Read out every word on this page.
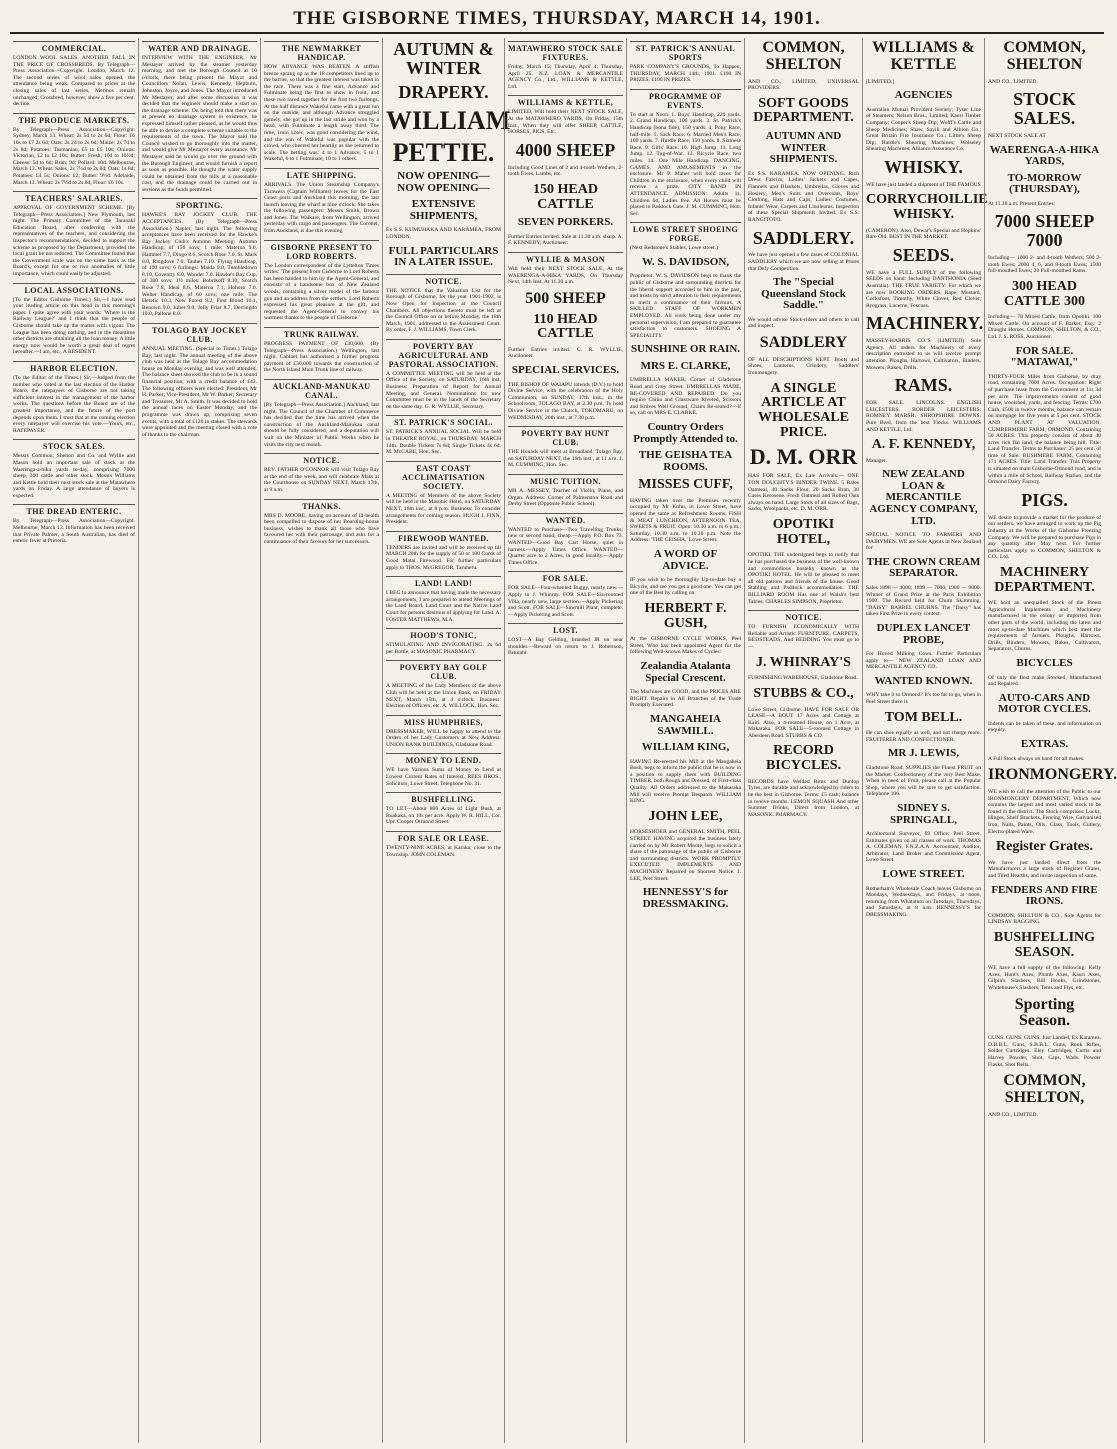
THE GISBORNE TIMES, THURSDAY, MARCH 14, 1901.
COMMERCIAL.

LONDON WOOL SALES. ANOTHER FALL IN THE PRICE OF CROSSBREDS. By Telegraph—Press Association—Copyright. London, March 12. The second series of wool sales opened, the attendance being weak. Compared to prices at the closing sales of last series, Merinos remain unchanged; Crossbred, however, show a five per cent. decline.

THE PRODUCE MARKETS.

By Telegraph—Press Association—Copyright. Sydney, March 13. Wheat: 2s 5d to 2s 6d; Flour: £6 10s to £7 2s 6d; Oats: 2s 2d to 2s 6d; Maize: 2s 7d to 2s 8d; Potatoes: Tasmanian, £5 to £5 10s; Onions: Victorian, £2 to £2 10s; Butter: Fresh, 10d to 10½d; Cheese: 5d to 6d; Bran: 9d; Pollard: 10d. Melbourne, March 13. Wheat: Sales, 2s 7½d to 2s 8d; Oats: 1s 8d; Potatoes: £4 5s; Onions: £2; Butter: 9½d. Adelaide, March 13. Wheat: 2s 7½d to 2s 8d; Flour: £6 10s.

TEACHERS' SALARIES.

APPROVAL OF GOVERNMENT SCHEME. [By Telegraph—Press Association.] New Plymouth, last night. The Primary Committee of the Taranaki Education Board, after conferring with the representatives of the teachers, and considering the Inspector's recommendations, decided to support the scheme as proposed by the Department, provided the local grant be not reduced. The Committee found that the Government scale was on the same basis as the Board's, except for one or two anomalies of little importance, which could easily be adjusted.

LOCAL ASSOCIATIONS.

[To the Editor Gisborne Times.] Sir,—I have read your leading article on this head in this morning's paper. I quite agree with your words: 'Where is the Railway League?' and I think that the people of Gisborne should take up the matter with vigour. The League has been doing nothing, and in the meantime other districts are obtaining all the loan money. A little energy now would be worth a great deal of regret hereafter.—I am, etc., A RESIDENT.

HARBOR ELECTION.

(To the Editor of the Times.) Sir,—Judged from the number who voted at the last election of the Harbor Board, the ratepayers of Gisborne are not taking sufficient interest in the management of the harbor works. The questions before the Board are of the greatest importance, and the future of the port depends upon them. I trust that at the coming election every ratepayer will exercise his vote.—Yours, etc., RATEPAYER.

STOCK SALES.

Messrs Common, Shelton and Co. and Wyllie and Mason hold an important sale of stock at the Waerenga-a-hika yards to-day, comprising 7000 sheep, 300 cattle and other stock. Messrs Williams and Kettle hold their next stock sale at the Matawhero yards on Friday. A large attendance of buyers is expected.

THE DREAD ENTERIC.

By Telegraph—Press Association—Copyright. Melbourne, March 13. Information has been received that Private Palmer, a South Australian, has died of enteric fever at Pretoria.

WATER AND DRAINAGE.

INTERVIEW WITH THE ENGINEER. Mr Mestayer arrived by the steamer yesterday morning, and met the Borough Council at 10 o'clock, there being present the Mayor and Councillors Nolan, Lewis, Kennedy, Hepburn, Johnston, Joyce, and Jones. The Mayor introduced Mr Mestayer, and after some discussion it was decided that the engineer should make a start on the drainage scheme. On being told that there was at present no drainage system in existence, he expressed himself rather pleased, as he would thus be able to devise a complete scheme suitable to the requirements of the town. The Mayor said the Council wished to go thoroughly into the matter, and would give Mr Mestayer every assistance. Mr Mestayer said he would go over the ground with the Borough Engineer, and would furnish a report as soon as possible. He thought the water supply could be obtained from the hills at a reasonable cost, and the drainage could be carried out in sections as the funds permitted.

SPORTING.

HAWKE'S BAY JOCKEY CLUB. THE ACCEPTANCES. (By Telegraph—Press Association.) Napier, last night. The following acceptances have been received for the Hawke's Bay Jockey Club's Autumn Meeting: Autumn Handicap, of 150 sovs; 1 mile: Materoa 9.0, Hammer 7.7, Dingo 8.6, Scotch Rose 7.0, St. Mark 8.0, Ringdove 7.0, Tauhei 7.10. Flying Handicap, of 100 sovs; 6 furlongs: Maida 9.0, Tumbledown 8.10, Coventry 8.0, Wonder 7.0. Hawke's Bay Cup, of 300 sovs; 1½ miles: Bobrikoff 8.10, Scotch Rose 7.8, Ideal 8.6, Materoa 7.1, Hohoro 7.0. Welter Handicap, of 60 sovs; one mile: The Heretic 10.3, New Forest 9.2, First Blood 10.1, Renown 9.0, Juliet 9.0, Jolly Friar 8.7, Derringdo 10.0, Pallone 8.0.

TOLAGO BAY JOCKEY CLUB.

ANNUAL MEETING. (Special to Times.) Tolago Bay, last night. The annual meeting of the above club was held at the Tolago Bay accommodation house on Monday evening, and was well attended. The balance sheet showed the club to be in a sound financial position, with a credit balance of £43. The following officers were elected: President, Mr H. Parker; Vice-President, Mr W. Barker; Secretary and Treasurer, Mr A. Smith. It was decided to hold the annual races on Easter Monday, and the programme was drawn up, comprising seven events, with a total of £120 in stakes. The stewards were appointed and the meeting closed with a vote of thanks to the chairman.

THE NEWMARKET HANDICAP.

HOW ADVANCE WAS BEATEN. A stiffish breeze sprang up as the 18 competitors lined up to the barrier, so that the greatest interest was taken in the race. There was a fine start, Advance and Fulminate being the first to show in front, and these two raced together for the first two furlongs. At the half distance Wakeful came with a great run on the outside, and although Advance struggled gamely, she got up in the last stride and won by a head, with Fulminate a length away third. The time, 1min 12sec, was good considering the wind, and the win of Wakeful was popular with the crowd, who cheered her heartily as she returned to scale. The betting was: 4 to 1 Advance, 5 to 1 Wakeful, 6 to 1 Fulminate, 10 to 1 others.

LATE SHIPPING.

ARRIVALS. The Union Steamship Company's Tarawera (Captain Williams) leaves for the East Coast ports and Auckland this morning, the last launch leaving the wharf at nine o'clock. She takes the following passengers: Messrs Smith, Brown and Jones. The Waikare, from Wellington, arrived yesterday with cargo and passengers. The Coronel, from Auckland, is due this evening.

GISBORNE PRESENT TO LORD ROBERTS.

The London correspondent of the Lyttelton Times writes: 'The present from Gisborne to Lord Roberts has been handed to him by the Agent-General, and consists of a handsome box of New Zealand woods, containing a silver model of the famous gun and an address from the settlers. Lord Roberts expressed his great pleasure at the gift, and requested the Agent-General to convey his warmest thanks to the people of Gisborne.'

TRUNK RAILWAY.

PROGRESS PAYMENT OF £30,000. (By Telegraph—Press Association.) Wellington, last night. Cabinet has authorised a further progress payment of £30,000 towards the construction of the North Island Main Trunk line of railway.

AUCKLAND-MANUKAU CANAL.

[By Telegraph—Press Association.] Auckland, last night. The Council of the Chamber of Commerce has decided that the time has arrived when the construction of the Auckland-Manukau canal should be fully considered, and a deputation will wait on the Minister of Public Works when he visits the city next month.

NOTICE.

REV. FATHER O'CONNOR will visit Tolago Bay at the end of the week, and will celebrate Mass at the Courthouse on SUNDAY NEXT, March 17th, at 9 a.m.

THANKS.

MRS D. MOORE, having on account of ill-health been compelled to dispose of her Boarding-house business, wishes to thank all those who have favoured her with their patronage, and asks for a continuance of their favours for her successors.

AUTUMN & WINTER
DRAPERY.
WILLIAM
PETTIE.
NOW OPENING— NOW OPENING—
EXTENSIVE SHIPMENTS,

Ex S.S. KUMUHAKA AND KARAMEA, FROM LONDON.

FULL PARTICULARS IN A LATER ISSUE.
NOTICE.

THE NOTICE that the Valuation List for the Borough of Gisborne, for the year 1901-1902, is Now Open for Inspection at the Council Chambers. All objections thereto must be left at the Council Office on or before Monday, the 18th March, 1901, addressed to the Assessment Court. By order, F. J. WILLIAMS, Town Clerk.

POVERTY BAY AGRICULTURAL AND PASTORAL ASSOCIATION.

A COMMITTEE MEETING will be held at the Office of the Society, on SATURDAY, 16th inst. Business: Preparation of Report for Annual Meeting, and General. Nominations for new Committee must be in the hands of the Secretary on the same day. G. R. WYLLIE, Secretary.

ST. PATRICK'S SOCIAL.

ST. PATRICK'S ANNUAL SOCIAL Will be held in THEATRE ROYAL, on THURSDAY, MARCH 14th. Double Tickets 7s 6d; Single Tickets 4s 6d. M. McCABE, Hon. Sec.

EAST COAST ACCLIMATISATION SOCIETY.

A MEETING of Members of the above Society will be held in the Masonic Hotel, on SATURDAY NEXT, 16th inst., at 8 p.m. Business: To consider arrangements for coming season. HUGH J. FINN, President.

FIREWOOD WANTED.

TENDERS are invited and will be received up till MARCH 20th for the supply of 50 or 100 Cords of Good Matai Firewood. For further particulars apply to THOS. McGREGOR, Taruheru.

LAND! LAND!

I BEG to announce that having made the necessary arrangements, I am prepared to attend Meetings of the Land Board, Land Court and the Native Land Court for persons desirous of applying for Land. A. FOSTER MATTHEWS, M.A.

HOOD'S TONIC,

STIMULATING AND INVIGORATING. 2s 6d per Bottle, at MASONIC PHARMACY.

POVERTY BAY GOLF CLUB.

A MEETING of the Lady Members of the above Club will be held at the Union Bank, on FRIDAY NEXT, March 15th, at 4 o'clock. Business: Election of Officers, etc. A. WILLOCK, Hon. Sec.

MISS HUMPHRIES,

DRESSMAKER, WILL be happy to attend to the Orders of her Lady Customers at New Address: UNION BANK BUILDINGS, Gladstone Road.

MONEY TO LEND.

WE have Various Sums of Money to Lend at Lowest Current Rates of Interest. REES BROS., Solicitors, Lowe Street. Telephone No. 31.

BUSHFELLING.

TO LET—About 800 Acres of Light Bush, at Ruakaka, on 10s per acre. Apply W. R. HILL, Cor. Upr. Cooper Ormond Street.

FOR SALE OR LEASE.

TWENTY-NINE ACRES, at Karaka; close to the Township. JOHN COLEMAN.

MATAWHERO STOCK SALE FIXTURES.

Friday, March 15; Thursday, April 4; Thursday, April 25. N.Z. LOAN & MERCANTILE AGENCY Co., Ltd., WILLIAMS & KETTLE, Ltd.

WILLIAMS & KETTLE,

LIMITED, Will hold their NEXT STOCK SALE, At the MATAWHERO YARDS, On Friday, 15th Inst., When they will offer SHEEP, CATTLE, HORSES, PIGS, Etc.

4000 SHEEP

Including Good Lines of 2 and 4-tooth Wethers, 2-tooth Ewes, Lambs, etc.

150 HEAD CATTLE
SEVEN PORKERS.

Further Entries invited. Sale at 11.30 a.m. sharp. A. F. KENNEDY, Auctioneer.

WYLLIE & MASON

Will hold their NEXT STOCK SALE, At the WAERENGA-A-HIKA YARDS, On Thursday Next, 14th Inst. At 11.30 a.m.

500 SHEEP
110 HEAD CATTLE

Further Entries invited. G. R. WYLLIE, Auctioneer.

SPECIAL SERVICES.

THE BISHOP OF WAIAPU intends (D.V.) to hold Divine Service, with the celebration of the Holy Communion, on SUNDAY, 17th inst., in the Schoolroom, TOLAGO BAY, at 2.30 p.m. To hold Divine Service in the Church, TOKOMARU, on WEDNESDAY, 20th inst., at 7.30 p.m.

POVERTY BAY HUNT CLUB.

THE Hounds will meet at Broadland, Tolago Bay, on SATURDAY NEXT, the 16th inst., at 11 a.m. J. M. CUMMING, Hon. Sec.

MUSIC TUITION.

MR A. MESSEY, Teacher of Violin, Piano, and Organ. Address: Corner of Palmerston Road and Derby Street (Opposite Public School).

WANTED.

WANTED to Purchase—Two Travelling Trunks; new or second hand; cheap.—Apply P.O. Box 73. WANTED—Good Bay Cart Horse, quiet in harness.—Apply Times Office. WANTED—Quarter acre to 2 Acres, in good locality.—Apply Times Office.

FOR SALE.

FOR SALE—Four-wheeled Buggy, nearly new.—Apply to J. Whinray. FOR SALE—Six-roomed Villa, nearly new, large section.—Apply Pickering and Scott. FOR SALE—Sawmill Plant, complete.—Apply Pickering and Scott.

LOST.

LOST—A Bay Gelding, branded JR on near shoulder.—Reward on return to J. Robertson, Patutahi.

ST. PATRICK'S ANNUAL SPORTS

PARK COMPANY'S GROUNDS, To Happen, THURSDAY, MARCH 14th, 1901. £100 IN PRIZES. £100 IN PRIZES.

PROGRAMME OF EVENTS.

To start at Noon. 1. Boys' Handicap, 220 yards. 2. Grand Handicap, 100 yards. 3. St. Patrick's Handicap (bona fide), 150 yards. 4. Pony Race, half-mile. 5. Sack Race. 6. Married Men's Race, 100 yards. 7. Hurdle Race, 150 yards. 8. Siamese Race. 9. Girls' Race. 10. High Jump. 11. Long Jump. 12. Tug-of-War. 13. Bicycle Race, two miles. 14. One Mile Handicap. DANCING, GAMES, AND AMUSEMENTS in the enclosure. Mr P. Maher will hold races for Children in the enclosure, when every child will receive a prize. CITY BAND IN ATTENDANCE. ADMISSION: Adults 1s, Children 6d, Ladies free. All Horses must be placed in Paddock Gate. J. M. CUMMING, Hon. Sec.

LOWE STREET SHOEING FORGE.

(Next Redstone's Stables, Lowe street.)

W. S. DAVIDSON,

Proprietor. W. S. DAVIDSON begs to thank the public of Gisborne and surrounding districts for the liberal support accorded to him in the past, and trusts by strict attention to their requirements to merit a continuance of their favours. A SKILLED STAFF OF WORKMEN EMPLOYED. All work being done under my personal supervision, I am prepared to guarantee satisfaction to customers. SHOEING A SPECIALITY.

SUNSHINE OR RAIN.
MRS E. CLARKE,

UMBRELLA MAKER, Corner of Gladstone Road and Grey Street. UMBRELLAS MADE, RE-COVERED AND REPAIRED. Do you require China and Glassware Riveted, Scissors and Knives Well Ground, Chairs Re-seated?—If so, call on MRS E. CLARKE.

Country Orders Promptly Attended to.
THE GEISHA TEA ROOMS.
MISSES CUFF,

HAVING taken over the Premises recently occupied by Mr Kohn, in Lowe Street, have opened the same as Refreshment Rooms. FISH & MEAT LUNCHEON, AFTERNOON TEA, SWEETS & FRUIT. Open: 10.30 a.m. to 6 p.m.; Saturday, 10.30 a.m. to 10.30 p.m. Note the Address: 'THE GEISHA,' Lowe Street.

A WORD OF ADVICE.

IF you wish to be thoroughly Up-to-date buy a Bicycle, and see you get a good one. You can get one of the Best by calling on

HERBERT F. GUSH,

At the GISBORNE CYCLE WORKS, Peel Street, Who has been appointed Agent for the following Well-known Makes of Cycles:

Zealandia Atalanta Special Crescent.

The Machines are GOOD, and the PRICES ARE RIGHT. Repairs in All Branches of the Trade Promptly Executed.

MANGAHEIA SAWMILL.
WILLIAM KING,

HAVING Re-erected his Mill at the Mangaheia Bush, begs to inform the public that he is now in a position to supply them with BUILDING TIMBER, both Rough and Dressed, of First-class Quality. All Orders addressed to the Makaraka Mill will receive Prompt Despatch. WILLIAM KING.

JOHN LEE,

HORSESHOER and GENERAL SMITH, PEEL STREET. HAVING acquired the business lately carried on by Mr Robert Moore, begs to solicit a share of the patronage of the public of Gisborne and surrounding districts. WORK PROMPTLY EXECUTED. IMPLEMENTS AND MACHINERY Repaired on Shortest Notice. J. LEE, Peel Street.

HENNESSY'S for DRESSMAKING.
COMMON, SHELTON

AND CO., LIMITED, UNIVERSAL PROVIDERS.

SOFT GOODS DEPARTMENT.
AUTUMN AND WINTER SHIPMENTS.

Ex S.S. KARAMEA. NOW OPENING. Rich Dress Fabrics, Ladies' Jackets and Capes, Flannels and Blankets, Umbrellas, Gloves and Hosiery, Men's Suits and Overcoats, Boys' Clothing, Hats and Caps, Ladies' Costumes, Infants' Wear, Carpets and Linoleums. Inspection of these Special Shipments Invited. Ex S.S. RANGITOTO.

SADDLERY.

We have just opened a few cases of COLONIAL SADDLERY which we are now selling at Prices that Defy Competition.

The "Special Queensland Stock Saddle."

We would advise Stock-riders and others to call and inspect.

SADDLERY

OF ALL DESCRIPTIONS KEPT. Boots and Shoes, Lanterns, Grindery, Saddlers' Ironmongery.

A SINGLE ARTICLE AT WHOLESALE PRICE.
D. M. ORR

HAS FOR SALE, Ex Late Arrivals:— ONE TON DOUGHTY'S BINDER TWINE. 5 Bales Oatmeal, 40 Sacks Flour, 20 Sacks Bran, 30 Cases Kerosene. Fresh Oatmeal and Rolled Oats always on hand. Large Stock of all sizes of Bags, Sacks, Woolpacks, etc. D. M. ORR.

OPOTIKI HOTEL,

OPOTIKI. THE undersigned begs to notify that he has purchased the business of the well-known and commodious hostelry known as the OPOTIKI HOTEL. He will be pleased to meet all old patrons and friends of the house. Good Stabling and Paddock accommodation. THE BILLIARD ROOM Has one of Walsh's best Tables. CHARLES SIMPSON, Proprietor.

NOTICE.

TO FURNISH ECONOMICALLY WITH Reliable and Artistic FURNITURE, CARPETS, BEDSTEADS, And BEDDING You must go to—

J. WHINRAY'S

FURNISHING WAREHOUSE, Gladstone Road.

STUBBS & CO.,

Lowe Street, Gisborne. HAVE FOR SALE OR LEASE—A BOUT 17 Acres and Cottage at Kaiti. Also, a 4-roomed House, on 1 Acre, at Makaraka. FOR SALE—5-roomed Cottage in Aberdeen Road. STUBBS & CO.

RECORD BICYCLES.

RECORDS have Welded Rims and Dunlop Tyres, are durable and acknowledged by riders to be the best in Gisborne. Terms: £5 cash; balance in twelve months. LEMON SQUASH And other Summer Drinks, Direct from London, at MASONIC PHARMACY.

WILLIAMS & KETTLE

[LIMITED.]

AGENCIES

Australian Mutual Provident Society; Tyser Line of Steamers; Nelson Bros., Limited; Kauri Timber Company; Cooper's Sheep Dip; Wolff's Cattle and Sheep Medicines; Shaw, Savill and Albion Co.; Great Britain Fire Insurance Co.; Little's Sheep Dip; Hardie's Shearing Machines; Wolseley Shearing Machines; Alliance Assurance Co.

WHISKY.

WE have just landed a shipment of THE FAMOUS

CORRYCHOILLIE WHISKY.

(CAMERON). Also, Dewar's Special and Hopkins' Rare Old. BEST IN THE MARKET.

SEEDS.

WE have a FULL SUPPLY of the following SEEDS on hand: Including DANTHONIA (Seed Australia). THE TRUE VARIETY. For which we are now BOOKING ORDERS. Rape, Mustard, Cocksfoot, Timothy, White Clover, Red Clover, Ryegrass, Lucerne, Fescues.

MACHINERY.

MASSEY-HARRIS CO.'S (LIMITED) Sole Agency. All orders for Machinery of every description entrusted to us will receive prompt attention. Ploughs, Harrows, Cultivators, Binders, Mowers, Rakes, Drills.

RAMS.

FOR SALE. LINCOLNS. ENGLISH LEICESTERS. BORDER LEICESTERS. ROMNEY MARSH. SHROPSHIRE DOWNS. Pure Bred, from the best Flocks. WILLIAMS AND KETTLE, Ltd.

A. F. KENNEDY,

Manager.

NEW ZEALAND LOAN & MERCANTILE AGENCY COMPANY, LTD.

SPECIAL NOTICE TO FARMERS AND DAIRYMEN. WE are Sole Agents in New Zealand for

THE CROWN CREAM SEPARATOR.

Sales 1898 — 4000; 1899 — 7000; 1900 — 9000. Winner of Grand Prize at the Paris Exhibition 1900. The Record held for Churn Skimming. "DAISY" BARREL CHURNS. The "Daisy" has taken First Prize in every contest.

DUPLEX LANCET PROBE,

For Hoved Milking Cows. Further Particulars apply to— NEW ZEALAND LOAN AND MERCANTILE AGENCY CO.

WANTED KNOWN.

WHY take it to Ormond? It's too far to go, when in Peel Street there is

TOM BELL.

He can shoe equally as well, and not charge more. FRUITERER AND CONFECTIONER.

MR J. LEWIS,

Gladstone Road. SUPPLIES the Finest FRUIT on the Market. Confectionery of the very Best Make. When in need of Fruit, please call at the Popular Shop, where you will be sure to get satisfaction. Telephone 106.

SIDNEY S. SPRINGALL,

Architectural Surveyor, 69 Office: Peel Street. Estimates given on all classes of work. THOMAS A. COLEMAN, F.N.Z.A.A. Accountant, Auditor, Arbitrator, Land Broker and Commission Agent, Lowe Street.

LOWE STREET.

Rotherham's Wholesale Coach leaves Gisborne on Mondays, Wednesdays, and Fridays, at noon, returning from Whatatutu on Tuesdays, Thursdays, and Saturdays, at 8 a.m. HENNESSY'S for DRESSMAKING.

COMMON, SHELTON

AND CO., LIMITED.

STOCK SALES.

NEXT STOCK SALE AT

WAERENGA-A-HIKA YARDS,
TO-MORROW (THURSDAY),

At 11.30 a.m. Present Entries:

7000 SHEEP 7000

Including— 1000 2- and 4-tooth Wethers; 500 2-tooth Ewes; 2000 4, 6, and 8-tooth Ewes; 1500 full-mouthed Ewes; 20 Full-mouthed Rams.

300 HEAD CATTLE 300

Including— 70 Mixed Cattle, from Opotiki. 100 Mixed Cattle. On account of F. Barker, Esq.: 2 Draught Horses. COMMON, SHELTON, & CO., Ltd. J. S. ROSS, Auctioneer.

FOR SALE. "MATAWAI,"

THIRTY-FOUR Miles from Gisborne, by dray road, containing 7000 Acres. Occupation: Right of purchase lease from the Government at 11s 3d per acre. The improvements consist of good house, woolshed, yards, and fencing. Terms: £700 Cash, £500 in twelve months, balance can remain on mortgage for five years at 5 per cent. STOCK AND PLANT AT VALUATION. CUMBERMERE FARM, ORMOND, Containing 50 ACRES. This property consists of about 40 acres rich flat land, the balance being hill. Title: Land Transfer. Terms to Purchaser: 25 per cent. of time of Sale. BUSHMERE FARM, Containing 171 ACRES. Title: Land Transfer. This Property is situated on main Gisborne-Ormond road, and is within a mile of School, Railway Station, and the Ormond Dairy Factory.

PIGS.

WE desire to provide a market for the produce of our settlers, we have arranged to work up the Pig Industry at the Works of the Gisborne Freezing Company. We will be prepared to purchase Pigs in any quantity after May next. For further particulars apply to COMMON, SHELTON & CO., Ltd.

MACHINERY DEPARTMENT.

WE hold an unequalled Stock of the Finest Agricultural Implements and Machinery manufactured in the colony or imported from other parts of the world, including the latest and most up-to-date Machines which best meet the requirements of farmers. Ploughs, Harrows, Drills, Binders, Mowers, Rakes, Cultivators, Separators, Churns.

BICYCLES

Of only the Best make Stocked, Manufactured and Repaired.

AUTO-CARS AND MOTOR CYCLES.

Indents can be taken of these, and information on enquiry.

EXTRAS.

A Full Stock always on hand for all makes.

IRONMONGERY.

WE wish to call the attention of the Public to our IRONMONGERY DEPARTMENT, Which now contains the largest and most varied stock to be found in the district. The Stock comprises: Locks, Hinges, Shelf Brackets, Fencing Wire, Galvanised Iron, Nails, Paints, Oils, Glass, Tools, Cutlery, Electro-plated Ware.

Register Grates.

We have just landed direct from the Manufacturers a large stock of Register Grates, and Tiled Hearths, and invite inspection of same.

FENDERS AND FIRE IRONS.

COMMON, SHELTON & CO., Sole Agents for LINDSAY BAGGING.

BUSHFELLING SEASON.

WE have a full supply of the following: Kelly Axes, Hunt's Axes, Plumb Axes, Kauri Axes, Gilpin's Slashers, Bill Hooks, Grindstones, Whitehouse's Slashers, Tents and Flys, etc.

Sporting Season.

GUNS. GUNS. GUNS. Just Landed, Ex Karamea. D.B.B.L. Guns, S.B.B.L. Guns, Rook Rifles, Solder Cartridges. Eley Cartridges, Curtis and Harvey Powder, Shot, Caps, Wads. Powder Flasks, Shot Belts.

COMMON, SHELTON,

AND CO., LIMITED.
